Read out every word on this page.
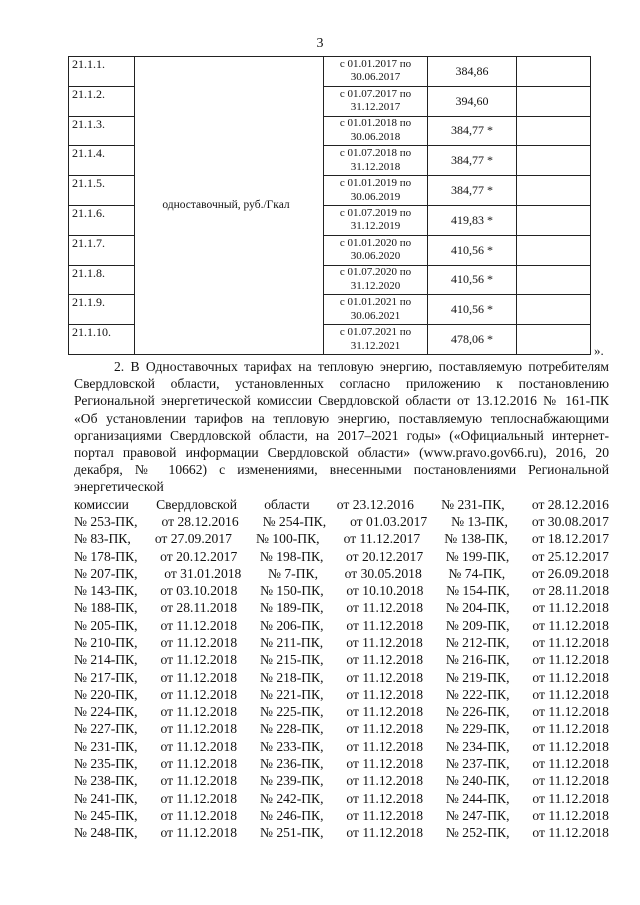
3
21.1.1.	одноставочный, руб./Гкал	с 01.01.2017 по 30.06.2017	384,86	
21.1.2.		с 01.07.2017 по 31.12.2017	394,60	
21.1.3.		с 01.01.2018 по 30.06.2018	384,77 *	
21.1.4.		с 01.07.2018 по 31.12.2018	384,77 *	
21.1.5.		с 01.01.2019 по 30.06.2019	384,77 *	
21.1.6.		с 01.07.2019 по 31.12.2019	419,83 *	
21.1.7.		с 01.01.2020 по 30.06.2020	410,56 *	
21.1.8.		с 01.07.2020 по 31.12.2020	410,56 *	
21.1.9.		с 01.01.2021 по 30.06.2021	410,56 *	
21.1.10.		с 01.07.2021 по 31.12.2021	478,06 *	
».
2. В Одноставочных тарифах на тепловую энергию, поставляемую потребителям Свердловской области, установленных согласно приложению к постановлению Региональной энергетической комиссии Свердловской области от 13.12.2016 № 161-ПК «Об установлении тарифов на тепловую энергию, поставляемую теплоснабжающими организациями Свердловской области, на 2017–2021 годы» («Официальный интернет-портал правовой информации Свердловской области» (www.pravo.gov66.ru), 2016, 20 декабря, № 10662) с изменениями, внесенными постановлениями Региональной энергетической
комиссии Свердловской области от 23.12.2016 № 231-ПК, от 28.12.2016
№ 253-ПК, от 28.12.2016 № 254-ПК, от 01.03.2017 № 13-ПК, от 30.08.2017
№ 83-ПК, от 27.09.2017 № 100-ПК, от 11.12.2017 № 138-ПК, от 18.12.2017
№ 178-ПК, от 20.12.2017 № 198-ПК, от 20.12.2017 № 199-ПК, от 25.12.2017
№ 207-ПК, от 31.01.2018 № 7-ПК, от 30.05.2018 № 74-ПК, от 26.09.2018
№ 143-ПК, от 03.10.2018 № 150-ПК, от 10.10.2018 № 154-ПК, от 28.11.2018
№ 188-ПК, от 28.11.2018 № 189-ПК, от 11.12.2018 № 204-ПК, от 11.12.2018
№ 205-ПК, от 11.12.2018 № 206-ПК, от 11.12.2018 № 209-ПК, от 11.12.2018
№ 210-ПК, от 11.12.2018 № 211-ПК, от 11.12.2018 № 212-ПК, от 11.12.2018
№ 214-ПК, от 11.12.2018 № 215-ПК, от 11.12.2018 № 216-ПК, от 11.12.2018
№ 217-ПК, от 11.12.2018 № 218-ПК, от 11.12.2018 № 219-ПК, от 11.12.2018
№ 220-ПК, от 11.12.2018 № 221-ПК, от 11.12.2018 № 222-ПК, от 11.12.2018
№ 224-ПК, от 11.12.2018 № 225-ПК, от 11.12.2018 № 226-ПК, от 11.12.2018
№ 227-ПК, от 11.12.2018 № 228-ПК, от 11.12.2018 № 229-ПК, от 11.12.2018
№ 231-ПК, от 11.12.2018 № 233-ПК, от 11.12.2018 № 234-ПК, от 11.12.2018
№ 235-ПК, от 11.12.2018 № 236-ПК, от 11.12.2018 № 237-ПК, от 11.12.2018
№ 238-ПК, от 11.12.2018 № 239-ПК, от 11.12.2018 № 240-ПК, от 11.12.2018
№ 241-ПК, от 11.12.2018 № 242-ПК, от 11.12.2018 № 244-ПК, от 11.12.2018
№ 245-ПК, от 11.12.2018 № 246-ПК, от 11.12.2018 № 247-ПК, от 11.12.2018
№ 248-ПК, от 11.12.2018 № 251-ПК, от 11.12.2018 № 252-ПК, от 11.12.2018
